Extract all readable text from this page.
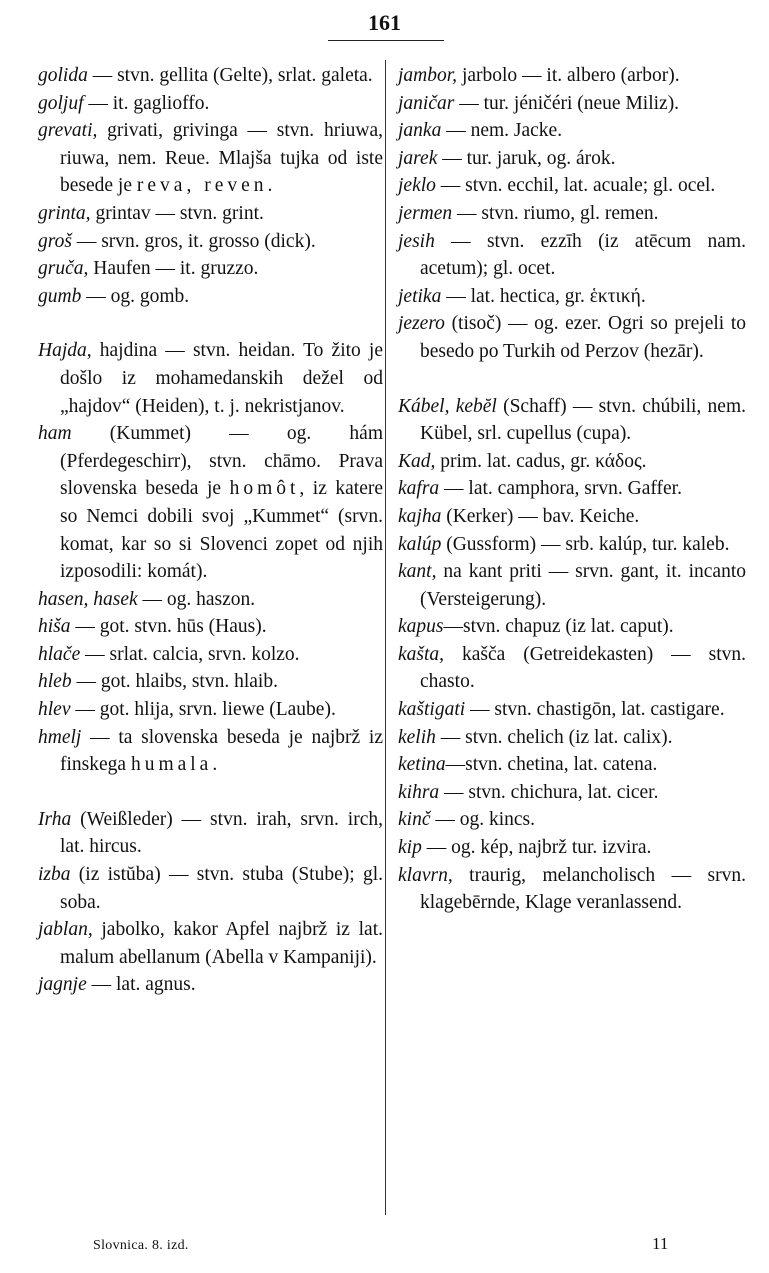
161
golida — stvn. gellita (Gelte), srlat. galeta.
goljuf — it. gaglioffo.
grevati, grivati, grivinga — stvn. hriuwa, riuwa, nem. Reue. Mlajša tujka od iste besede je reva, reven.
grinta, grintav — stvn. grint.
groš — srvn. gros, it. grosso (dick).
gruča, Haufen — it. gruzzo.
gumb — og. gomb.
Hajda, hajdina — stvn. heidan. To žito je došlo iz mohamedanskih dežel od „hajdov“ (Heiden), t. j. nekristjanov.
ham (Kummet) — og. hám (Pferdegeschirr), stvn. chāmo. Prava slovenska beseda je homôt, iz katere so Nemci dobili svoj „Kummet“ (srvn. komat, kar so si Slovenci zopet od njih izposodili: komát).
hasen, hasek — og. haszon.
hiša — got. stvn. hūs (Haus).
hlače — srlat. calcia, srvn. kolzo.
hleb — got. hlaibs, stvn. hlaib.
hlev — got. hlija, srvn. liewe (Laube).
hmelj — ta slovenska beseda je najbrž iz finskega humala.
Irha (Weißleder) — stvn. irah, srvn. irch, lat. hircus.
izba (iz istŭba) — stvn. stuba (Stube); gl. soba.
jablan, jabolko, kakor Apfel najbrž iz lat. malum abellanum (Abella v Kampaniji).
jagnje — lat. agnus.
jambor, jarbolo — it. albero (arbor).
janičar — tur. jéničéri (neue Miliz).
janka — nem. Jacke.
jarek — tur. jaruk, og. árok.
jeklo — stvn. ecchil, lat. acuale; gl. ocel.
jermen — stvn. riumo, gl. remen.
jesih — stvn. ezzīh (iz atēcum nam. acetum); gl. ocet.
jetika — lat. hectica, gr. ἑκτική.
jezero (tisoč) — og. ezer. Ogri so prejeli to besedo po Turkih od Perzov (hezār).
Kábel, kebĕl (Schaff) — stvn. chúbili, nem. Kübel, srl. cupellus (cupa).
Kad, prim. lat. cadus, gr. κάδος.
kafra — lat. camphora, srvn. Gaffer.
kajha (Kerker) — bav. Keiche.
kalúp (Gussform) — srb. kalúp, tur. kaleb.
kant, na kant priti — srvn. gant, it. incanto (Versteigerung).
kapus—stvn. chapuz (iz lat. caput).
kašta, kašča (Getreidekasten) — stvn. chasto.
kaštigati — stvn. chastigōn, lat. castigare.
kelih — stvn. chelich (iz lat. calix).
ketina—stvn. chetina, lat. catena.
kihra — stvn. chichura, lat. cicer.
kinč — og. kincs.
kip — og. kép, najbrž tur. izvira.
klavrn, traurig, melancholisch — srvn. klagebērnde, Klage veranlassend.
Slovnica. 8. izd.	11
